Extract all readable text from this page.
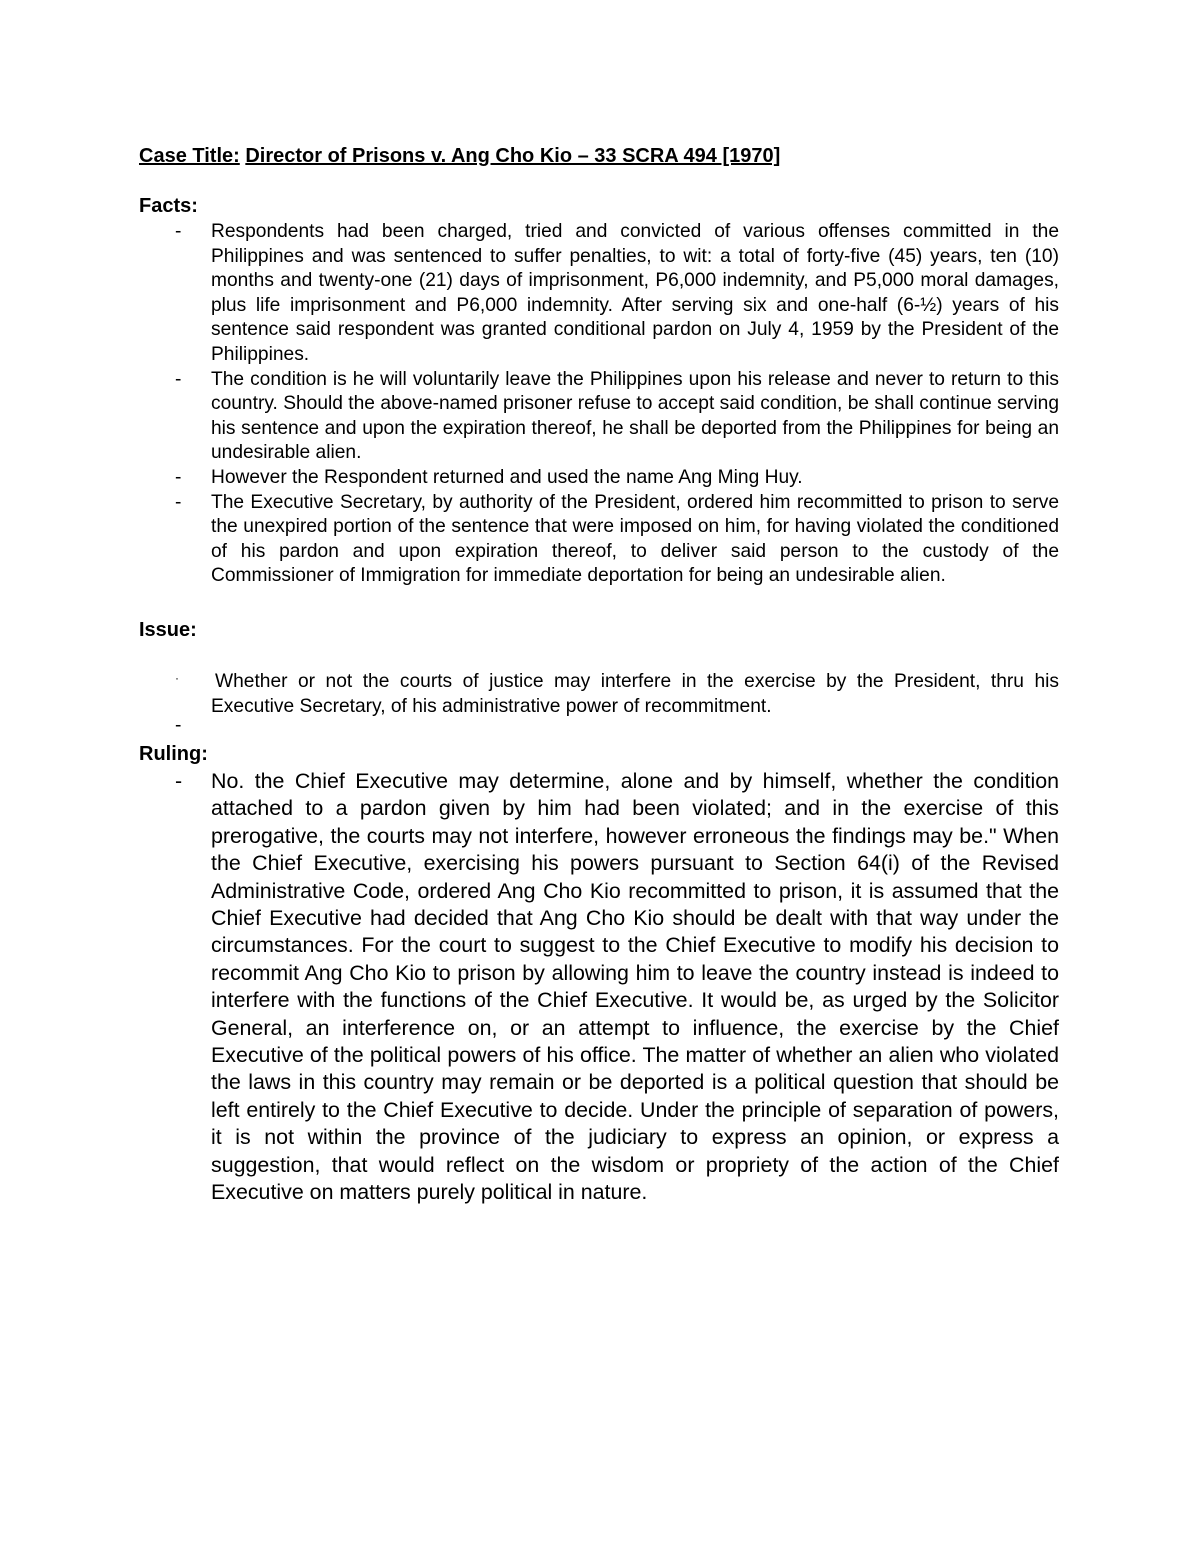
Case Title: Director of Prisons v. Ang Cho Kio – 33 SCRA 494 [1970]
Facts:
- Respondents had been charged, tried and convicted of various offenses committed in the Philippines and was sentenced to suffer penalties, to wit: a total of forty-five (45) years, ten (10) months and twenty-one (21) days of imprisonment, P6,000 indemnity, and P5,000 moral damages, plus life imprisonment and P6,000 indemnity. After serving six and one-half (6-½) years of his sentence said respondent was granted conditional pardon on July 4, 1959 by the President of the Philippines.
- The condition is he will voluntarily leave the Philippines upon his release and never to return to this country. Should the above-named prisoner refuse to accept said condition, be shall continue serving his sentence and upon the expiration thereof, he shall be deported from the Philippines for being an undesirable alien.
- However the Respondent returned and used the name Ang Ming Huy.
- The Executive Secretary, by authority of the President, ordered him recommitted to prison to serve the unexpired portion of the sentence that were imposed on him, for having violated the conditioned of his pardon and upon expiration thereof, to deliver said person to the custody of the Commissioner of Immigration for immediate deportation for being an undesirable alien.
Issue:
· Whether or not the courts of justice may interfere in the exercise by the President, thru his Executive Secretary, of his administrative power of recommitment.
-
Ruling:
- No. the Chief Executive may determine, alone and by himself, whether the condition attached to a pardon given by him had been violated; and in the exercise of this prerogative, the courts may not interfere, however erroneous the findings may be." When the Chief Executive, exercising his powers pursuant to Section 64(i) of the Revised Administrative Code, ordered Ang Cho Kio recommitted to prison, it is assumed that the Chief Executive had decided that Ang Cho Kio should be dealt with that way under the circumstances. For the court to suggest to the Chief Executive to modify his decision to recommit Ang Cho Kio to prison by allowing him to leave the country instead is indeed to interfere with the functions of the Chief Executive. It would be, as urged by the Solicitor General, an interference on, or an attempt to influence, the exercise by the Chief Executive of the political powers of his office. The matter of whether an alien who violated the laws in this country may remain or be deported is a political question that should be left entirely to the Chief Executive to decide. Under the principle of separation of powers, it is not within the province of the judiciary to express an opinion, or express a suggestion, that would reflect on the wisdom or propriety of the action of the Chief Executive on matters purely political in nature.
